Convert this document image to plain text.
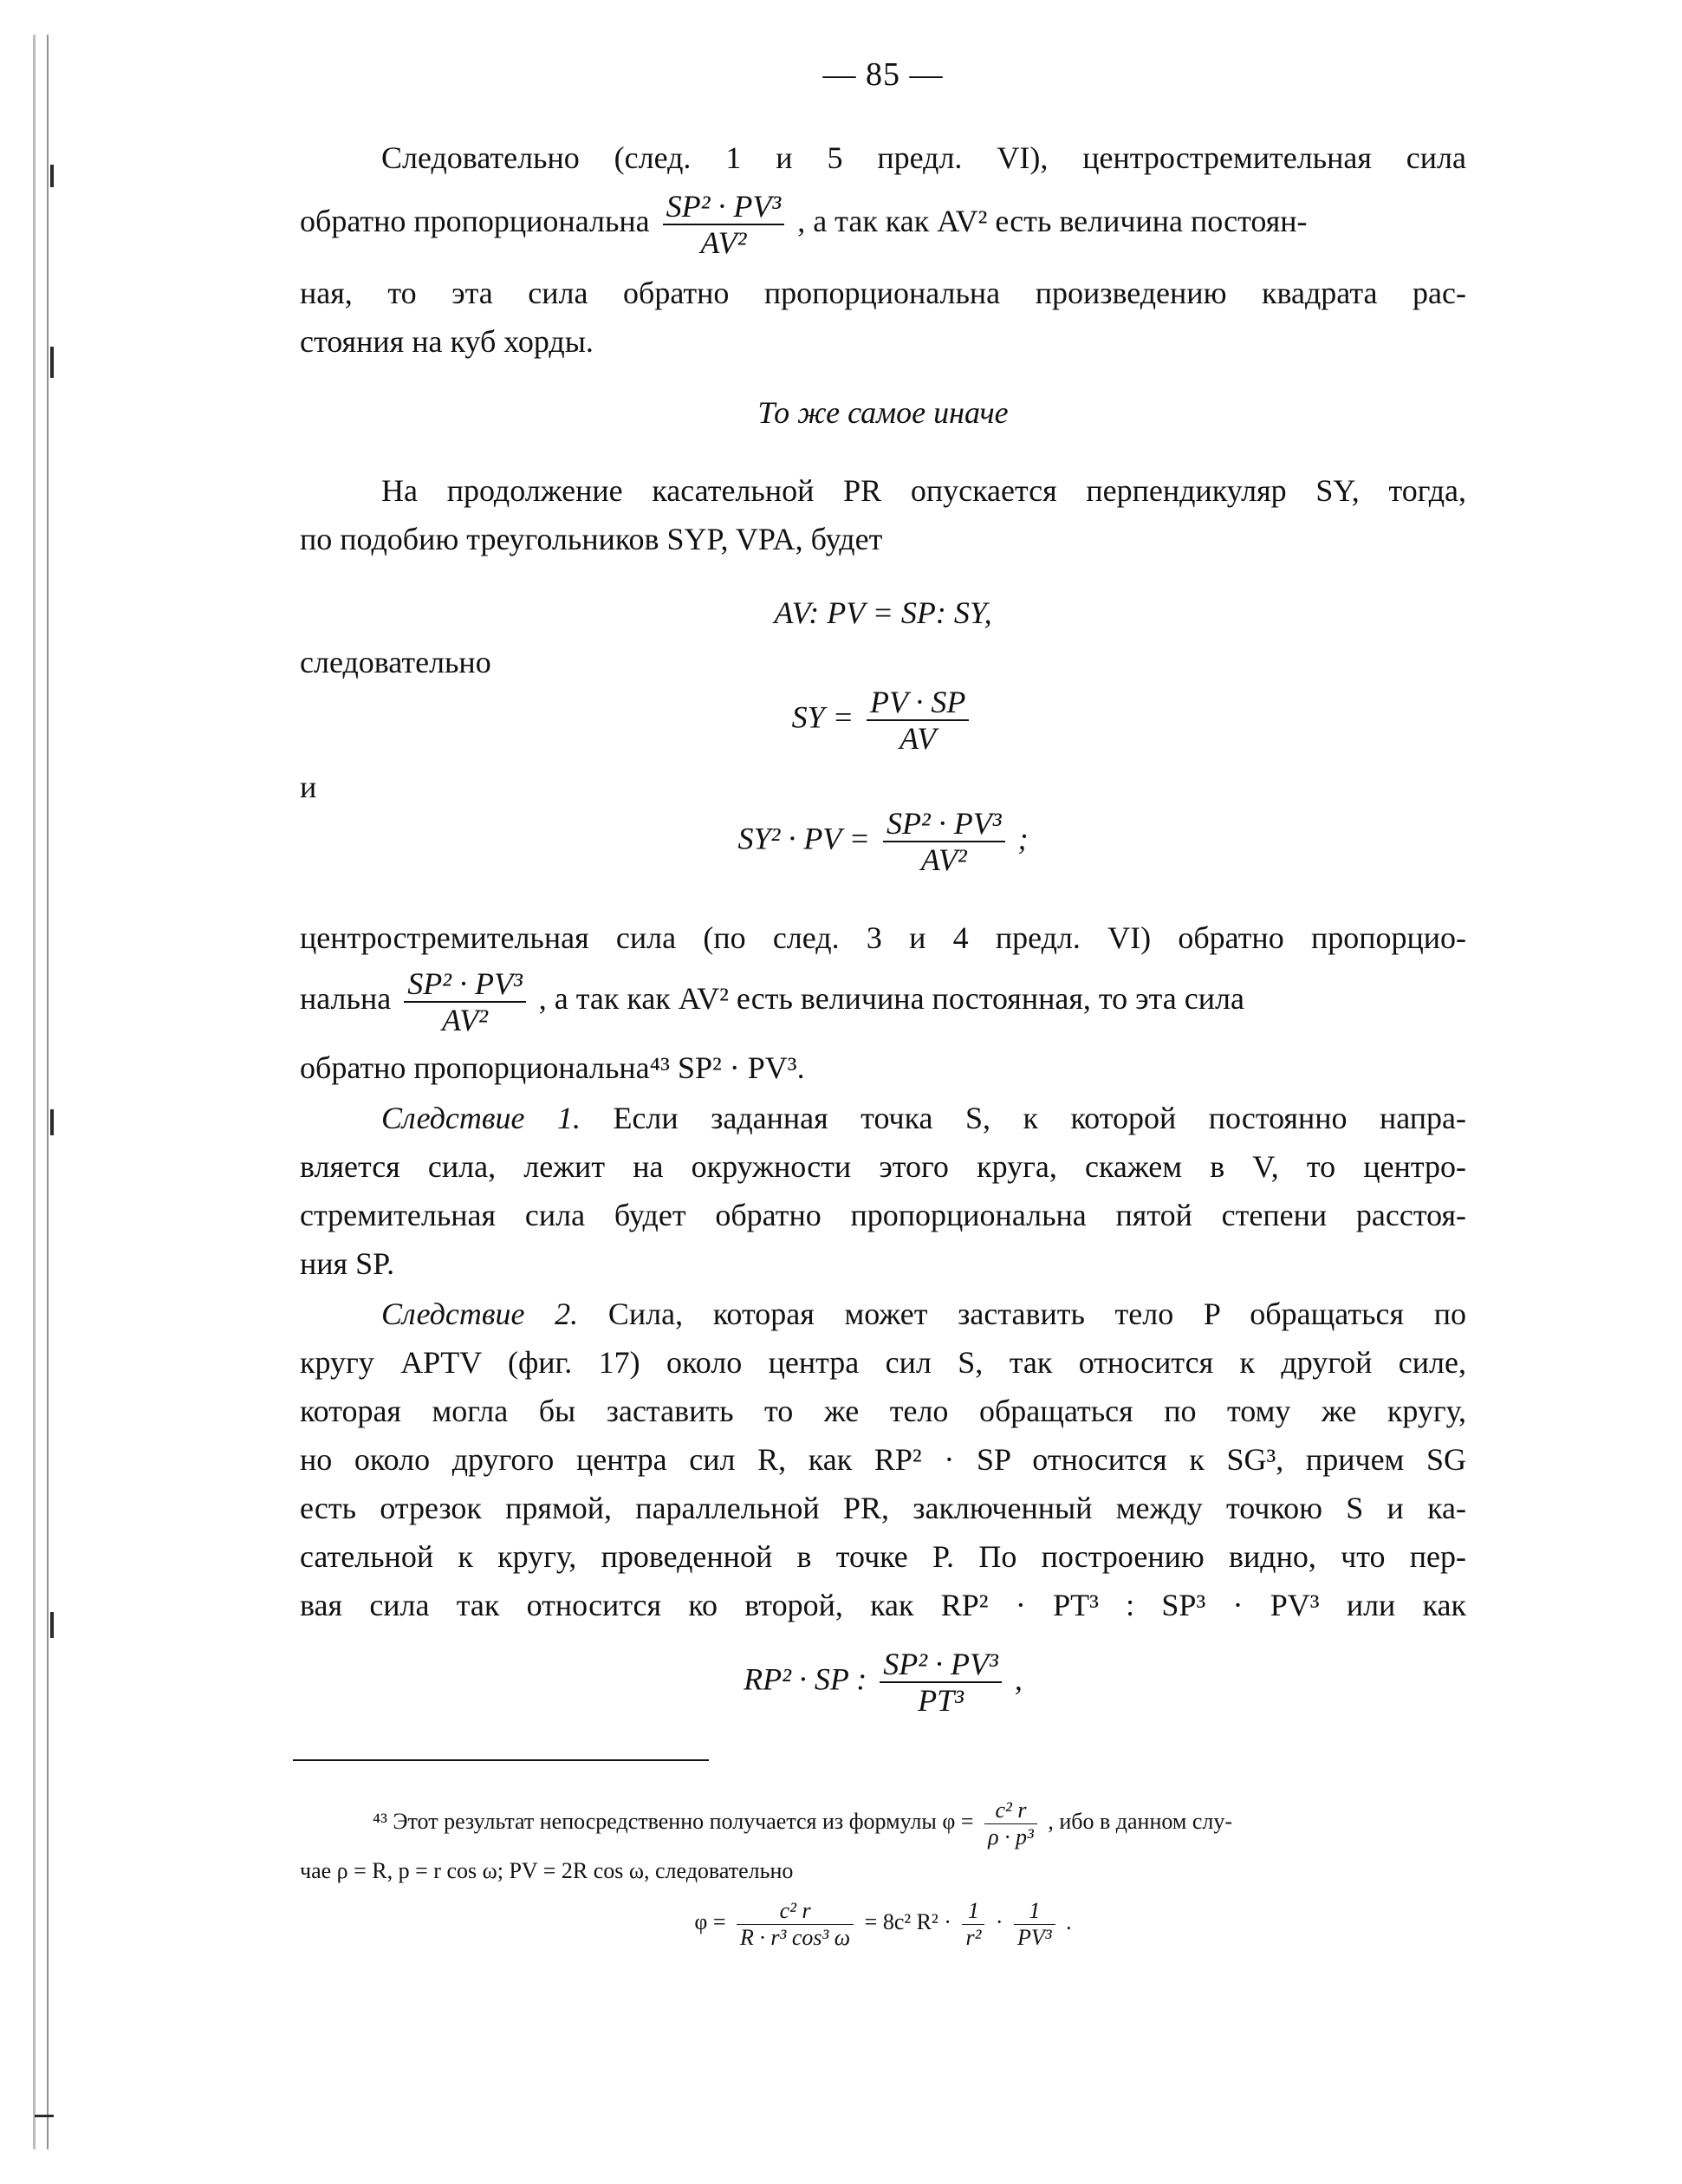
— 85 —
Следовательно (след. 1 и 5 предл. VI), центростремительная сила
обратно пропорциональна $\frac{\text{SP² · PV³}}{\text{AV²}}$ , а так как AV² есть величина постоян-
ная, то эта сила обратно пропорциональна произведению квадрата рас-
стояния на куб хорды.
То же самое иначе
На продолжение касательной PR опускается перпендикуляр SY, тогда,
по подобию треугольников SYP, VPA, будет
AV: PV = SP: SY,
следовательно
SY = $\frac{PV \cdot SP}{AV}$
и
SY² · PV = $\frac{\text{SP² · PV³}}{\text{AV²}}$ ;
центростремительная сила (по след. 3 и 4 предл. VI) обратно пропорцио-
нальна $\frac{\text{SP² · PV³}}{\text{AV²}}$ , а так как AV² есть величина постоянная, то эта сила
обратно пропорциональна⁴³ SP² · PV³.
Следствие 1. Если заданная точка S, к которой постоянно напра-
вляется сила, лежит на окружности этого круга, скажем в V, то центро-
стремительная сила будет обратно пропорциональна пятой степени расстоя-
ния SP.
Следствие 2. Сила, которая может заставить тело P обращаться по
кругу APTV (фиг. 17) около центра сил S, так относится к другой силе,
которая могла бы заставить то же тело обращаться по тому же кругу,
но около другого центра сил R, как RP² · SP относится к SG³, причем SG
есть отрезок прямой, параллельной PR, заключенный между точкою S и ка-
сательной к кругу, проведенной в точке P. По построению видно, что пер-
вая сила так относится ко второй, как RP² · PT³ : SP³ · PV³ или как
RP² · SP : $\frac{\text{SP² · PV³}}{\text{PT³}}$ ,
⁴³ Этот результат непосредственно получается из формулы $\varphi = \frac{\text{c² r}}{\text{ρ · p³}}$ , ибо в данном слу-
чае ρ = R, p = r cos ω; PV = 2R cos ω, следовательно
$\varphi = \frac{\text{c² r}}{\text{R · r³ cos³ ω}} = 8c^2$ $R^2 \cdot \frac{1}{\text{r²}} \cdot \frac{1}{\text{PV³}}$ .
